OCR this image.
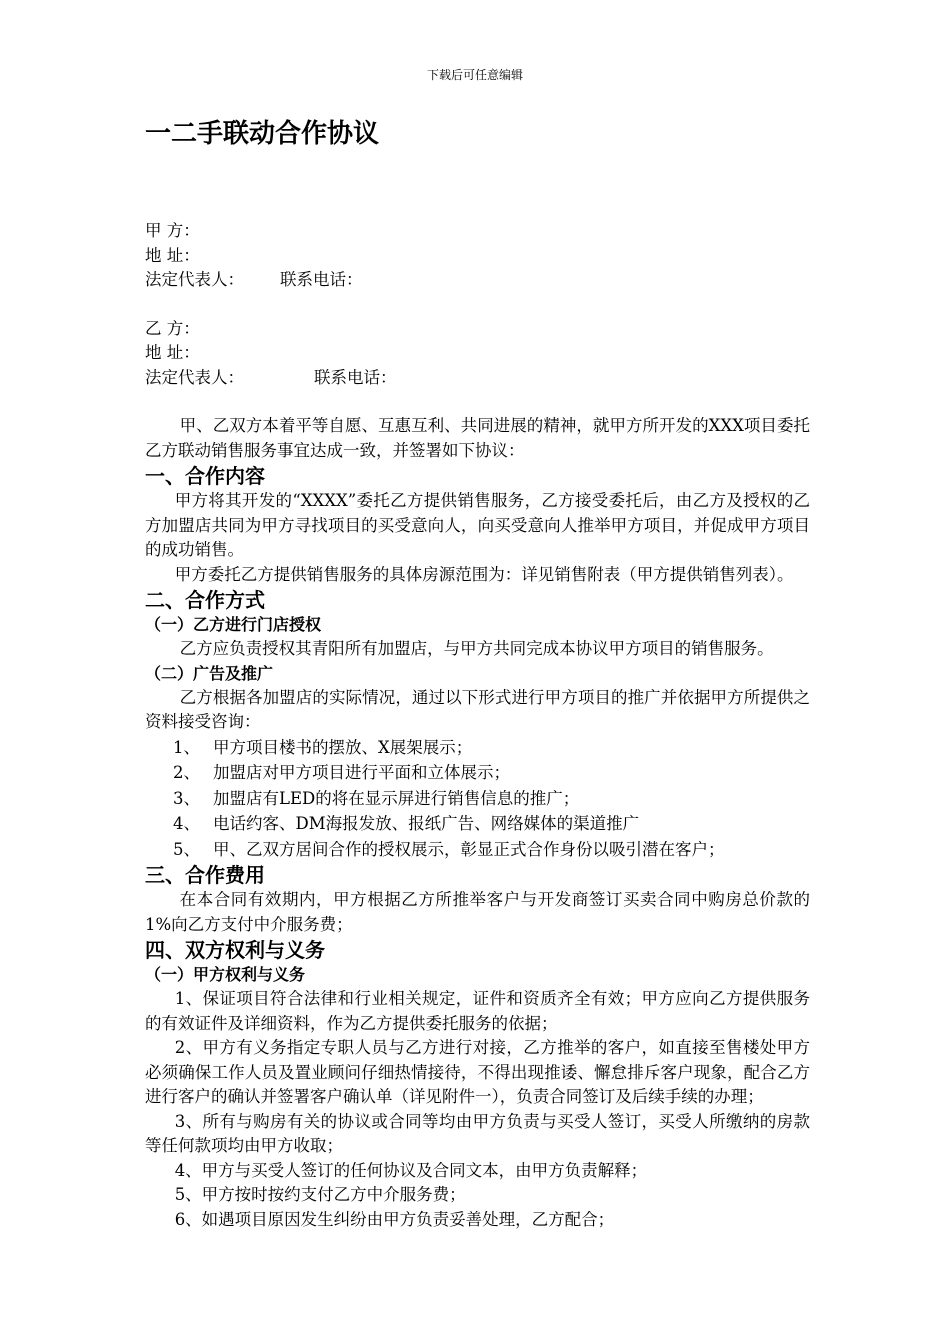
下载后可任意编辑
一二手联动合作协议
甲 方：
地 址：
法定代表人： 联系电话：
乙 方：
地 址：
法定代表人：	联系电话：
甲、乙双方本着平等自愿、互惠互利、共同进展的精神，就甲方所开发的XXX项目委托乙方联动销售服务事宜达成一致，并签署如下协议：
一、合作内容
甲方将其开发的“XXXX”委托乙方提供销售服务，乙方接受委托后，由乙方及授权的乙方加盟店共同为甲方寻找项目的买受意向人，向买受意向人推举甲方项目，并促成甲方项目的成功销售。
甲方委托乙方提供销售服务的具体房源范围为：详见销售附表（甲方提供销售列表）。
二、合作方式
（一）乙方进行门店授权
乙方应负责授权其青阳所有加盟店，与甲方共同完成本协议甲方项目的销售服务。
（二）广告及推广
乙方根据各加盟店的实际情况，通过以下形式进行甲方项目的推广并依据甲方所提供之资料接受咨询：
1、 甲方项目楼书的摆放、X展架展示；
2、 加盟店对甲方项目进行平面和立体展示；
3、 加盟店有LED的将在显示屏进行销售信息的推广；
4、 电话约客、DM海报发放、报纸广告、网络媒体的渠道推广
5、 甲、乙双方居间合作的授权展示，彰显正式合作身份以吸引潜在客户；
三、合作费用
在本合同有效期内，甲方根据乙方所推举客户与开发商签订买卖合同中购房总价款的1%向乙方支付中介服务费；
四、双方权利与义务
（一）甲方权利与义务
1、保证项目符合法律和行业相关规定，证件和资质齐全有效；甲方应向乙方提供服务的有效证件及详细资料，作为乙方提供委托服务的依据；
2、甲方有义务指定专职人员与乙方进行对接，乙方推举的客户，如直接至售楼处甲方必须确保工作人员及置业顾问仔细热情接待，不得出现推诿、懈怠排斥客户现象，配合乙方进行客户的确认并签署客户确认单（详见附件一），负责合同签订及后续手续的办理；
3、所有与购房有关的协议或合同等均由甲方负责与买受人签订，买受人所缴纳的房款等任何款项均由甲方收取；
4、甲方与买受人签订的任何协议及合同文本，由甲方负责解释；
5、甲方按时按约支付乙方中介服务费；
6、如遇项目原因发生纠纷由甲方负责妥善处理，乙方配合；
